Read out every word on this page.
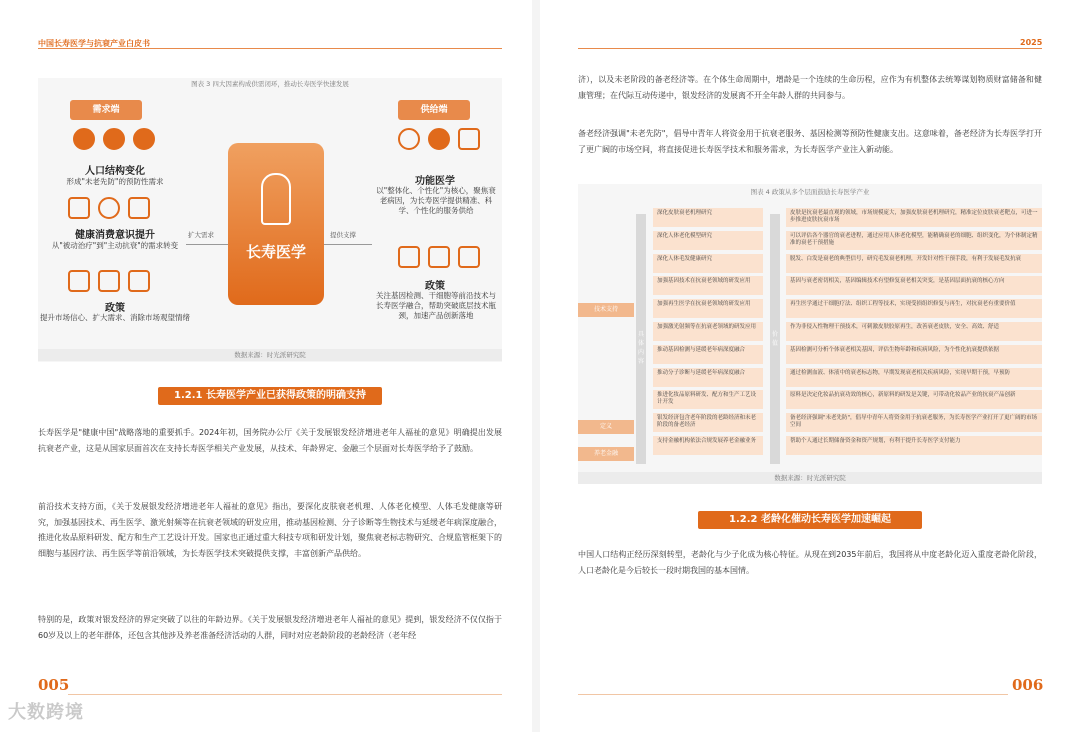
中国长寿医学与抗衰产业白皮书
图表 3 四大因素构成供需闭环，推动长寿医学快速发展
需求端	供给端
人口结构变化
形成"未老先防"的预防性需求
健康消费意识提升
从"被动治疗"到"主动抗衰"的需求转变
政策
提升市场信心、扩大需求、消除市场观望情绪
扩大需求
长寿医学
提供支撑
功能医学
以"整体化、个性化"为核心，聚焦衰老病因，为长寿医学提供精准、科学、个性化的服务供给
政策
关注基因检测、干细胞等前沿技术与长寿医学融合，帮助突破底层技术瓶颈，加速产品创新落地
数据来源：时光派研究院
1.2.1 长寿医学产业已获得政策的明确支持
长寿医学是"健康中国"战略落地的重要抓手。2024年初，国务院办公厅《关于发展银发经济增进老年人福祉的意见》明确提出发展抗衰老产业，这是从国家层面首次在支持长寿医学相关产业发展，从技术、年龄界定、金融三个层面对长寿医学给予了鼓励。
前沿技术支持方面，《关于发展银发经济增进老年人福祉的意见》指出，要深化皮肤衰老机理、人体老化模型、人体毛发健康等研究，加强基因技术、再生医学、激光射频等在抗衰老领域的研发应用，推动基因检测、分子诊断等生物技术与延缓老年病深度融合，推进化妆品原料研发、配方和生产工艺设计开发。国家也正通过重大科技专项和研发计划，聚焦衰老标志物研究、合规监管框架下的细胞与基因疗法、再生医学等前沿领域，为长寿医学技术突破提供支撑，丰富创新产品供给。
特别的是，政策对银发经济的界定突破了以往的年龄边界。《关于发展银发经济增进老年人福祉的意见》提到，银发经济不仅仅指于60岁及以上的老年群体，还包含其他涉及养老准备经济活动的人群，同时对应老龄阶段的老龄经济（老年经
005
2025
济），以及未老阶段的备老经济等。在个体生命周期中，增龄是一个连续的生命历程，应作为有机整体去统筹谋划物质财富储备和健康管理；在代际互动传递中，银发经济的发展离不开全年龄人群的共同参与。
备老经济强调"未老先防"，倡导中青年人将资金用于抗衰老服务、基因检测等预防性健康支出。这意味着，备老经济为长寿医学打开了更广阔的市场空间，将直接促进长寿医学技术和服务需求，为长寿医学产业注入新动能。
图表 4 政策从多个层面鼓励长寿医学产业
技术支持
定义
养老金融
具体内容
价值
深化皮肤衰老机理研究
深化人体老化模型研究
深化人体毛发健康研究
加强基因技术在抗衰老领域的研发应用
加强再生医学在抗衰老领域的研发应用
加强激光射频等在抗衰老领域的研发应用
推动基因检测与延缓老年病深度融合
推动分子诊断与延缓老年病深度融合
推进化妆品原料研发、配方和生产工艺设计开发
银发经济包含老年阶段的老龄经济和未老阶段的备老经济
支持金融机构依法合规发展养老金融业务
皮肤是抗衰老最直观的领域，市场规模庞大，加强皮肤衰老机理研究，精准定位皮肤衰老靶点，可进一步推进皮肤抗衰市场
可以评估各个器官的衰老进程，通过应用人体老化模型，能精确衰老的细胞、组织变化，为个体制定精准的衰老干预措施
脱发、白发是衰老的典型信号，研究毛发衰老机理，开发针对性干预手段，有利于发展毛发抗衰
基因与衰老密切相关，基因编辑技术有望修复衰老相关突变，是基因层面抗衰的核心方向
再生医学通过干细胞疗法、组织工程等技术，实现受损组织修复与再生，对抗衰老有重要价值
作为非侵入性物理干预技术，可刺激皮肤胶原再生，改善衰老皮肤，安全、高效、舒适
基因检测可分析个体衰老相关基因，评估生物年龄和疾病风险，为个性化抗衰提供依据
通过检测血液、体液中的衰老标志物，早期发现衰老相关疾病风险，实现早期干预，早预防
原料是决定化妆品抗衰功效的核心，新原料的研发是关键，可带动化妆品产业的抗衰产品创新
备老经济强调"未老先防"，倡导中青年人将资金用于抗衰老服务，为长寿医学产业打开了更广阔的市场空间
帮助个人通过长期储备资金和资产规划，有利于提升长寿医学支付能力
数据来源：时光派研究院
1.2.2 老龄化催动长寿医学加速崛起
中国人口结构正经历深刻转型，老龄化与少子化成为核心特征。从现在到2035年前后，我国将从中度老龄化迈入重度老龄化阶段，人口老龄化是今后较长一段时期我国的基本国情。
006
大数跨境
